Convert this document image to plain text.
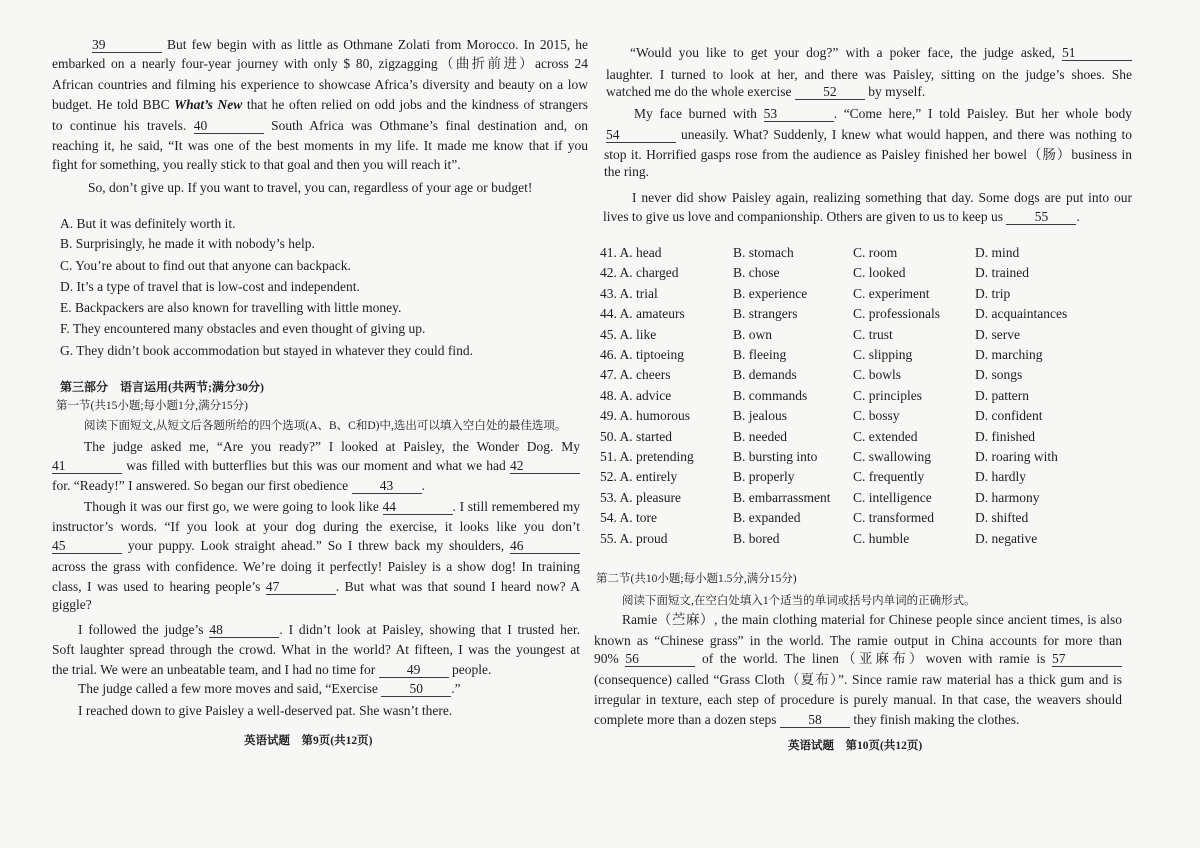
39	But few begin with as little as Othmane Zolati from Morocco. In 2015, he
embarked on a nearly four-year journey with only $ 80, zigzagging（曲折前进）across 24
African countries and filming his experience to showcase Africa’s diversity and beauty on a low
budget. He told BBC What’s New that he often relied on odd jobs and the kindness of strangers
to continue his travels. 40	South Africa was Othmane’s final destination and, on
reaching it, he said, “It was one of the best moments in my life. It made me know that if you
fight for something, you really stick to that goal and then you will reach it”.
So, don’t give up. If you want to travel, you can, regardless of your age or budget!
A. But it was definitely worth it.
B. Surprisingly, he made it with nobody’s help.
C. You’re about to find out that anyone can backpack.
D. It’s a type of travel that is low-cost and independent.
E. Backpackers are also known for travelling with little money.
F. They encountered many obstacles and even thought of giving up.
G. They didn’t book accommodation but stayed in whatever they could find.
第三部分　语言运用(共两节;满分30分)
第一节(共15小题;每小题1分,满分15分)
阅读下面短文,从短文后各题所给的四个选项(A、B、C和D)中,选出可以填入空白处的最佳选项。
The judge asked me, “Are you ready?” I looked at Paisley, the Wonder Dog. My
41	was filled with butterflies but this was our moment and what we had 42
for. “Ready!” I answered. So began our first obedience 43 .
Though it was our first go, we were going to look like 44	. I still remembered my
instructor’s words. “If you look at your dog during the exercise, it looks like you don’t
45	your puppy. Look straight ahead.” So I threw back my shoulders, 46
across the grass with confidence. We’re doing it perfectly! Paisley is a show dog! In training
class, I was used to hearing people’s 47	. But what was that sound I heard now? A
giggle?
I followed the judge’s 48	. I didn’t look at Paisley, showing that I trusted her.
Soft laughter spread through the crowd. What in the world? At fifteen, I was the youngest at
the trial. We were an unbeatable team, and I had no time for 49 people.
The judge called a few more moves and said, “Exercise 50 .”
I reached down to give Paisley a well-deserved pat. She wasn’t there.
英语试题　第9页(共12页)
“Would you like to get your dog?” with a poker face, the judge asked, 51
laughter. I turned to look at her, and there was Paisley, sitting on the judge’s shoes. She
watched me do the whole exercise 52 by myself.
My face burned with 53	. “Come here,” I told Paisley. But her whole body
54	uneasily. What? Suddenly, I knew what would happen, and there was nothing to
stop it. Horrified gasps rose from the audience as Paisley finished her bowel（肠）business in
the ring.
I never did show Paisley again, realizing something that day. Some dogs are put into our
lives to give us love and companionship. Others are given to us to keep us 55 .
41. A. head	B. stomach	C. room	D. mind
42. A. charged	B. chose	C. looked	D. trained
43. A. trial	B. experience	C. experiment	D. trip
44. A. amateurs	B. strangers	C. professionals	D. acquaintances
45. A. like	B. own	C. trust	D. serve
46. A. tiptoeing	B. fleeing	C. slipping	D. marching
47. A. cheers	B. demands	C. bowls	D. songs
48. A. advice	B. commands	C. principles	D. pattern
49. A. humorous	B. jealous	C. bossy	D. confident
50. A. started	B. needed	C. extended	D. finished
51. A. pretending	B. bursting into	C. swallowing	D. roaring with
52. A. entirely	B. properly	C. frequently	D. hardly
53. A. pleasure	B. embarrassment C. intelligence	D. harmony
54. A. tore	B. expanded	C. transformed	D. shifted
55. A. proud	B. bored	C. humble	D. negative
第二节(共10小题;每小题1.5分,满分15分)
阅读下面短文,在空白处填入1个适当的单词或括号内单词的正确形式。
Ramie（苎麻）, the main clothing material for Chinese people since ancient times, is also
known as “Chinese grass” in the world. The ramie output in China accounts for more than
90% 56	of the world. The linen（亚麻布）woven with ramie is 57
(consequence) called “Grass Cloth（夏布）”. Since ramie raw material has a thick gum and is
irregular in texture, each step of procedure is purely manual. In that case, the weavers should
complete more than a dozen steps 58 they finish making the clothes.
英语试题　第10页(共12页)
